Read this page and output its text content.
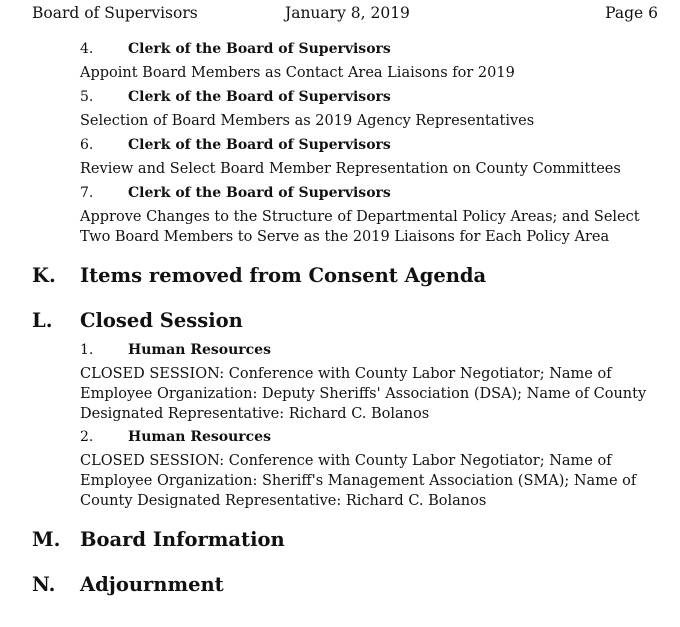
Board of Supervisors	January 8, 2019	Page 6
4. Clerk of the Board of Supervisors
Appoint Board Members as Contact Area Liaisons for 2019
5. Clerk of the Board of Supervisors
Selection of Board Members as 2019 Agency Representatives
6. Clerk of the Board of Supervisors
Review and Select Board Member Representation on County Committees
7. Clerk of the Board of Supervisors
Approve Changes to the Structure of Departmental Policy Areas; and Select Two Board Members to Serve as the 2019 Liaisons for Each Policy Area
K. Items removed from Consent Agenda
L. Closed Session
1. Human Resources
CLOSED SESSION: Conference with County Labor Negotiator; Name of Employee Organization: Deputy Sheriffs' Association (DSA); Name of County Designated Representative: Richard C. Bolanos
2. Human Resources
CLOSED SESSION: Conference with County Labor Negotiator; Name of Employee Organization: Sheriff's Management Association (SMA); Name of County Designated Representative: Richard C. Bolanos
M. Board Information
N. Adjournment
